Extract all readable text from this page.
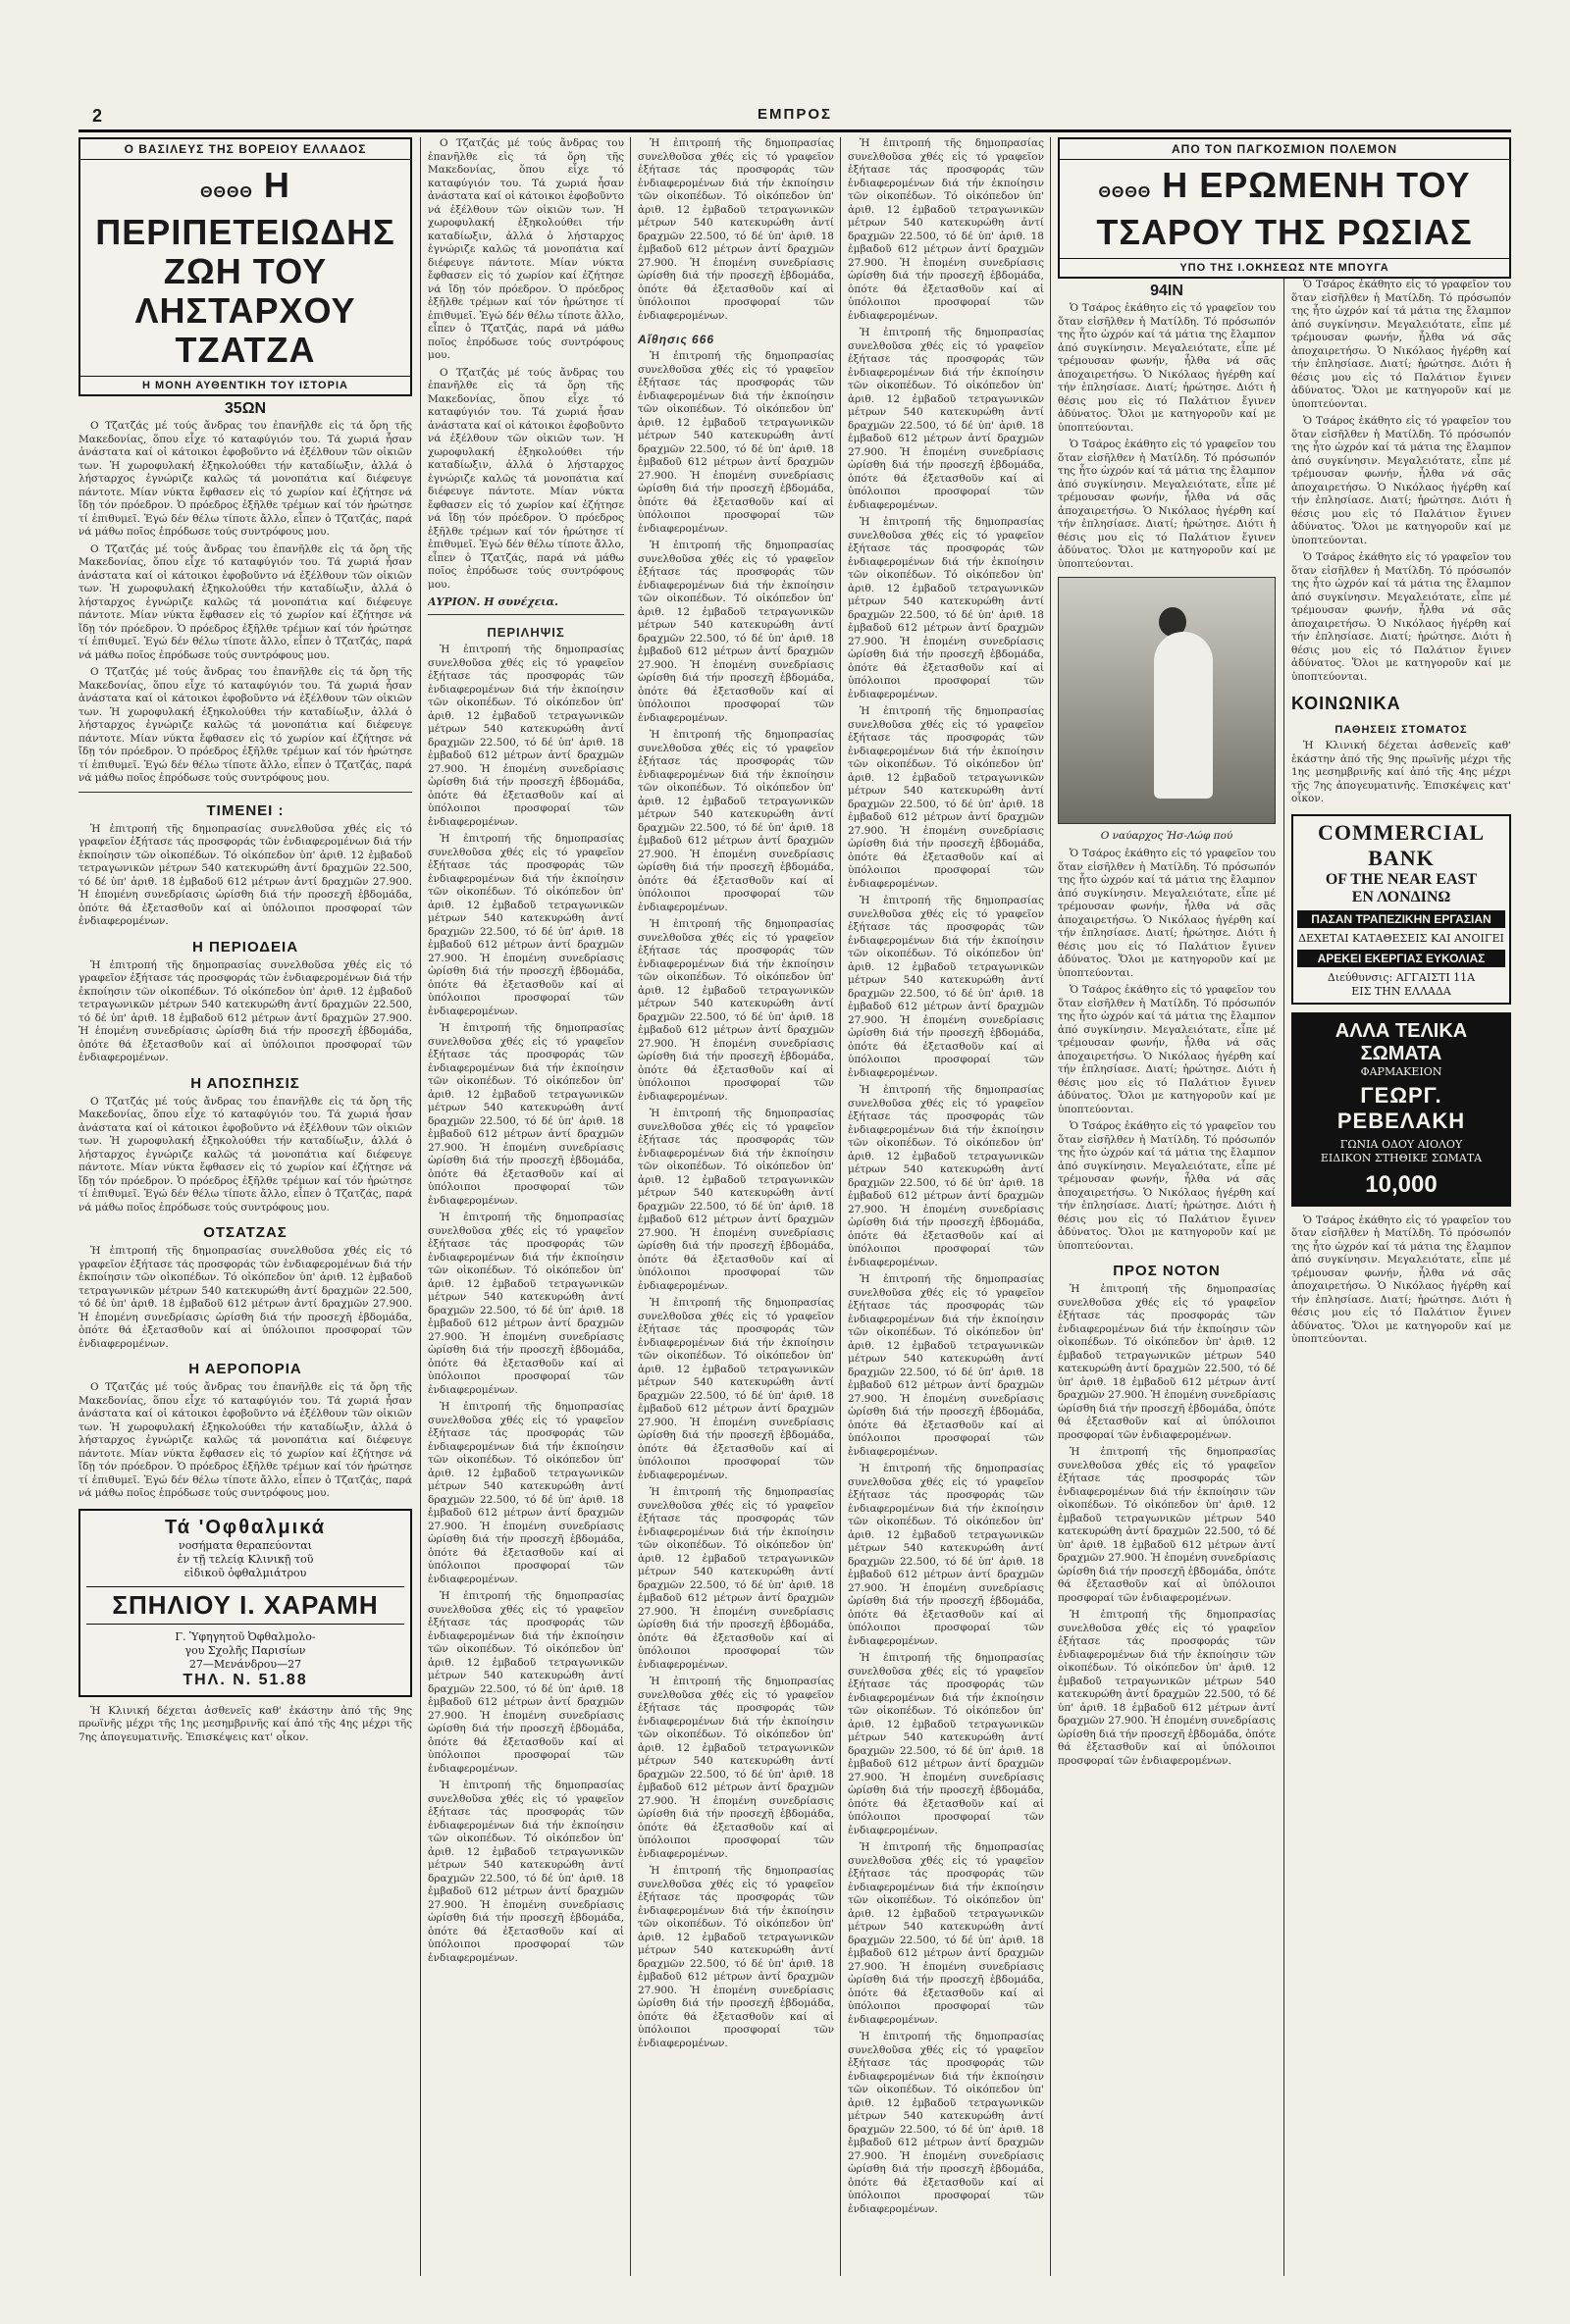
2	ΕΜΠΡΟΣ
Ο ΒΑΣΙΛΕΥΣ ΤΗΣ ΒΟΡΕΙΟΥ ΕΛΛΑΔΟΣ
ΘΘΘΘ Η ΠΕΡΙΠΕΤΕΙΩΔΗΣ ΖΩΗ ΤΟΥ ΛΗΣΤΑΡΧΟΥ ΤΖΑΤΖΑ
Η ΜΟΝΗ ΑΥΘΕΝΤΙΚΗ ΤΟΥ ΙΣΤΟΡΙΑ
35ΩΝ

Ο Τζατζάς μέ τούς ἄνδρας του ἐπανῆλθε εἰς τά ὄρη τῆς Μακεδονίας, ὅπου εἶχε τό καταφύγιόν του. Τά χωριά ἦσαν ἀνάστατα καί οἱ κάτοικοι ἐφοβοῦντο νά ἐξέλθουν τῶν οἰκιῶν των. Ἡ χωροφυλακή ἐξηκολούθει τήν καταδίωξιν, ἀλλά ὁ λήσταρχος ἐγνώριζε καλῶς τά μονοπάτια καί διέφευγε πάντοτε. Μίαν νύκτα ἔφθασεν εἰς τό χωρίον καί ἐζήτησε νά ἴδῃ τόν πρόεδρον. Ὁ πρόεδρος ἐξῆλθε τρέμων καί τόν ἠρώτησε τί ἐπιθυμεῖ. Ἐγώ δέν θέλω τίποτε ἄλλο, εἶπεν ὁ Τζατζάς, παρά νά μάθω ποῖος ἐπρόδωσε τούς συντρόφους μου.

Ο Τζατζάς μέ τούς ἄνδρας του ἐπανῆλθε εἰς τά ὄρη τῆς Μακεδονίας, ὅπου εἶχε τό καταφύγιόν του. Τά χωριά ἦσαν ἀνάστατα καί οἱ κάτοικοι ἐφοβοῦντο νά ἐξέλθουν τῶν οἰκιῶν των. Ἡ χωροφυλακή ἐξηκολούθει τήν καταδίωξιν, ἀλλά ὁ λήσταρχος ἐγνώριζε καλῶς τά μονοπάτια καί διέφευγε πάντοτε. Μίαν νύκτα ἔφθασεν εἰς τό χωρίον καί ἐζήτησε νά ἴδῃ τόν πρόεδρον. Ὁ πρόεδρος ἐξῆλθε τρέμων καί τόν ἠρώτησε τί ἐπιθυμεῖ. Ἐγώ δέν θέλω τίποτε ἄλλο, εἶπεν ὁ Τζατζάς, παρά νά μάθω ποῖος ἐπρόδωσε τούς συντρόφους μου.

Ο Τζατζάς μέ τούς ἄνδρας του ἐπανῆλθε εἰς τά ὄρη τῆς Μακεδονίας, ὅπου εἶχε τό καταφύγιόν του. Τά χωριά ἦσαν ἀνάστατα καί οἱ κάτοικοι ἐφοβοῦντο νά ἐξέλθουν τῶν οἰκιῶν των. Ἡ χωροφυλακή ἐξηκολούθει τήν καταδίωξιν, ἀλλά ὁ λήσταρχος ἐγνώριζε καλῶς τά μονοπάτια καί διέφευγε πάντοτε. Μίαν νύκτα ἔφθασεν εἰς τό χωρίον καί ἐζήτησε νά ἴδῃ τόν πρόεδρον. Ὁ πρόεδρος ἐξῆλθε τρέμων καί τόν ἠρώτησε τί ἐπιθυμεῖ. Ἐγώ δέν θέλω τίποτε ἄλλο, εἶπεν ὁ Τζατζάς, παρά νά μάθω ποῖος ἐπρόδωσε τούς συντρόφους μου.

ΤΙΜΕΝΕΙ :

Ἡ ἐπιτροπή τῆς δημοπρασίας συνελθοῦσα χθές εἰς τό γραφεῖον ἐξήτασε τάς προσφοράς τῶν ἐνδιαφερομένων διά τήν ἐκποίησιν τῶν οἰκοπέδων. Τό οἰκόπεδον ὑπ' ἀριθ. 12 ἐμβαδοῦ τετραγωνικῶν μέτρων 540 κατεκυρώθη ἀντί δραχμῶν 22.500, τό δέ ὑπ' ἀριθ. 18 ἐμβαδοῦ 612 μέτρων ἀντί δραχμῶν 27.900. Ἡ ἐπομένη συνεδρίασις ὡρίσθη διά τήν προσεχῆ ἑβδομάδα, ὁπότε θά ἐξετασθοῦν καί αἱ ὑπόλοιποι προσφοραί τῶν ἐνδιαφερομένων.

Η ΠΕΡΙΟΔΕΙΑ

Ἡ ἐπιτροπή τῆς δημοπρασίας συνελθοῦσα χθές εἰς τό γραφεῖον ἐξήτασε τάς προσφοράς τῶν ἐνδιαφερομένων διά τήν ἐκποίησιν τῶν οἰκοπέδων. Τό οἰκόπεδον ὑπ' ἀριθ. 12 ἐμβαδοῦ τετραγωνικῶν μέτρων 540 κατεκυρώθη ἀντί δραχμῶν 22.500, τό δέ ὑπ' ἀριθ. 18 ἐμβαδοῦ 612 μέτρων ἀντί δραχμῶν 27.900. Ἡ ἐπομένη συνεδρίασις ὡρίσθη διά τήν προσεχῆ ἑβδομάδα, ὁπότε θά ἐξετασθοῦν καί αἱ ὑπόλοιποι προσφοραί τῶν ἐνδιαφερομένων.

Η ΑΠΟΣΠΗΣΙΣ

Ο Τζατζάς μέ τούς ἄνδρας του ἐπανῆλθε εἰς τά ὄρη τῆς Μακεδονίας, ὅπου εἶχε τό καταφύγιόν του. Τά χωριά ἦσαν ἀνάστατα καί οἱ κάτοικοι ἐφοβοῦντο νά ἐξέλθουν τῶν οἰκιῶν των. Ἡ χωροφυλακή ἐξηκολούθει τήν καταδίωξιν, ἀλλά ὁ λήσταρχος ἐγνώριζε καλῶς τά μονοπάτια καί διέφευγε πάντοτε. Μίαν νύκτα ἔφθασεν εἰς τό χωρίον καί ἐζήτησε νά ἴδῃ τόν πρόεδρον. Ὁ πρόεδρος ἐξῆλθε τρέμων καί τόν ἠρώτησε τί ἐπιθυμεῖ. Ἐγώ δέν θέλω τίποτε ἄλλο, εἶπεν ὁ Τζατζάς, παρά νά μάθω ποῖος ἐπρόδωσε τούς συντρόφους μου.

ΟΤΣΑΤΖΑΣ

Ἡ ἐπιτροπή τῆς δημοπρασίας συνελθοῦσα χθές εἰς τό γραφεῖον ἐξήτασε τάς προσφοράς τῶν ἐνδιαφερομένων διά τήν ἐκποίησιν τῶν οἰκοπέδων. Τό οἰκόπεδον ὑπ' ἀριθ. 12 ἐμβαδοῦ τετραγωνικῶν μέτρων 540 κατεκυρώθη ἀντί δραχμῶν 22.500, τό δέ ὑπ' ἀριθ. 18 ἐμβαδοῦ 612 μέτρων ἀντί δραχμῶν 27.900. Ἡ ἐπομένη συνεδρίασις ὡρίσθη διά τήν προσεχῆ ἑβδομάδα, ὁπότε θά ἐξετασθοῦν καί αἱ ὑπόλοιποι προσφοραί τῶν ἐνδιαφερομένων.

Η ΑΕΡΟΠΟΡΙΑ

Ο Τζατζάς μέ τούς ἄνδρας του ἐπανῆλθε εἰς τά ὄρη τῆς Μακεδονίας, ὅπου εἶχε τό καταφύγιόν του. Τά χωριά ἦσαν ἀνάστατα καί οἱ κάτοικοι ἐφοβοῦντο νά ἐξέλθουν τῶν οἰκιῶν των. Ἡ χωροφυλακή ἐξηκολούθει τήν καταδίωξιν, ἀλλά ὁ λήσταρχος ἐγνώριζε καλῶς τά μονοπάτια καί διέφευγε πάντοτε. Μίαν νύκτα ἔφθασεν εἰς τό χωρίον καί ἐζήτησε νά ἴδῃ τόν πρόεδρον. Ὁ πρόεδρος ἐξῆλθε τρέμων καί τόν ἠρώτησε τί ἐπιθυμεῖ. Ἐγώ δέν θέλω τίποτε ἄλλο, εἶπεν ὁ Τζατζάς, παρά νά μάθω ποῖος ἐπρόδωσε τούς συντρόφους μου.

Τά 'Οφθαλμικά
νοσήματα θεραπεύονται
ἐν τῇ τελείᾳ Κλινικῇ τοῦ
εἰδικοῦ ὀφθαλμιάτρου
ΣΠΗΛΙΟΥ Ι. ΧΑΡΑΜΗ
Γ. Ὑφηγητοῦ Ὀφθαλμολο-
γου Σχολῆς Παρισίων
27—Μενάνδρου—27
ΤΗΛ. Ν. 51.88

Ἡ Κλινική δέχεται ἀσθενεῖς καθ' ἑκάστην ἀπό τῆς 9ης πρωϊνῆς μέχρι τῆς 1ης μεσημβρινῆς καί ἀπό τῆς 4ης μέχρι τῆς 7ης ἀπογευματινῆς. Ἐπισκέψεις κατ' οἶκον.

Ο Τζατζάς μέ τούς ἄνδρας του ἐπανῆλθε εἰς τά ὄρη τῆς Μακεδονίας, ὅπου εἶχε τό καταφύγιόν του. Τά χωριά ἦσαν ἀνάστατα καί οἱ κάτοικοι ἐφοβοῦντο νά ἐξέλθουν τῶν οἰκιῶν των. Ἡ χωροφυλακή ἐξηκολούθει τήν καταδίωξιν, ἀλλά ὁ λήσταρχος ἐγνώριζε καλῶς τά μονοπάτια καί διέφευγε πάντοτε. Μίαν νύκτα ἔφθασεν εἰς τό χωρίον καί ἐζήτησε νά ἴδῃ τόν πρόεδρον. Ὁ πρόεδρος ἐξῆλθε τρέμων καί τόν ἠρώτησε τί ἐπιθυμεῖ. Ἐγώ δέν θέλω τίποτε ἄλλο, εἶπεν ὁ Τζατζάς, παρά νά μάθω ποῖος ἐπρόδωσε τούς συντρόφους μου.

Ο Τζατζάς μέ τούς ἄνδρας του ἐπανῆλθε εἰς τά ὄρη τῆς Μακεδονίας, ὅπου εἶχε τό καταφύγιόν του. Τά χωριά ἦσαν ἀνάστατα καί οἱ κάτοικοι ἐφοβοῦντο νά ἐξέλθουν τῶν οἰκιῶν των. Ἡ χωροφυλακή ἐξηκολούθει τήν καταδίωξιν, ἀλλά ὁ λήσταρχος ἐγνώριζε καλῶς τά μονοπάτια καί διέφευγε πάντοτε. Μίαν νύκτα ἔφθασεν εἰς τό χωρίον καί ἐζήτησε νά ἴδῃ τόν πρόεδρον. Ὁ πρόεδρος ἐξῆλθε τρέμων καί τόν ἠρώτησε τί ἐπιθυμεῖ. Ἐγώ δέν θέλω τίποτε ἄλλο, εἶπεν ὁ Τζατζάς, παρά νά μάθω ποῖος ἐπρόδωσε τούς συντρόφους μου.

ΑΥΡΙΟΝ. Η συνέχεια.
ΠΕΡΙΛΗΨΙΣ

Ἡ ἐπιτροπή τῆς δημοπρασίας συνελθοῦσα χθές εἰς τό γραφεῖον ἐξήτασε τάς προσφοράς τῶν ἐνδιαφερομένων διά τήν ἐκποίησιν τῶν οἰκοπέδων. Τό οἰκόπεδον ὑπ' ἀριθ. 12 ἐμβαδοῦ τετραγωνικῶν μέτρων 540 κατεκυρώθη ἀντί δραχμῶν 22.500, τό δέ ὑπ' ἀριθ. 18 ἐμβαδοῦ 612 μέτρων ἀντί δραχμῶν 27.900. Ἡ ἐπομένη συνεδρίασις ὡρίσθη διά τήν προσεχῆ ἑβδομάδα, ὁπότε θά ἐξετασθοῦν καί αἱ ὑπόλοιποι προσφοραί τῶν ἐνδιαφερομένων.

Ἡ ἐπιτροπή τῆς δημοπρασίας συνελθοῦσα χθές εἰς τό γραφεῖον ἐξήτασε τάς προσφοράς τῶν ἐνδιαφερομένων διά τήν ἐκποίησιν τῶν οἰκοπέδων. Τό οἰκόπεδον ὑπ' ἀριθ. 12 ἐμβαδοῦ τετραγωνικῶν μέτρων 540 κατεκυρώθη ἀντί δραχμῶν 22.500, τό δέ ὑπ' ἀριθ. 18 ἐμβαδοῦ 612 μέτρων ἀντί δραχμῶν 27.900. Ἡ ἐπομένη συνεδρίασις ὡρίσθη διά τήν προσεχῆ ἑβδομάδα, ὁπότε θά ἐξετασθοῦν καί αἱ ὑπόλοιποι προσφοραί τῶν ἐνδιαφερομένων.

Ἡ ἐπιτροπή τῆς δημοπρασίας συνελθοῦσα χθές εἰς τό γραφεῖον ἐξήτασε τάς προσφοράς τῶν ἐνδιαφερομένων διά τήν ἐκποίησιν τῶν οἰκοπέδων. Τό οἰκόπεδον ὑπ' ἀριθ. 12 ἐμβαδοῦ τετραγωνικῶν μέτρων 540 κατεκυρώθη ἀντί δραχμῶν 22.500, τό δέ ὑπ' ἀριθ. 18 ἐμβαδοῦ 612 μέτρων ἀντί δραχμῶν 27.900. Ἡ ἐπομένη συνεδρίασις ὡρίσθη διά τήν προσεχῆ ἑβδομάδα, ὁπότε θά ἐξετασθοῦν καί αἱ ὑπόλοιποι προσφοραί τῶν ἐνδιαφερομένων.

Ἡ ἐπιτροπή τῆς δημοπρασίας συνελθοῦσα χθές εἰς τό γραφεῖον ἐξήτασε τάς προσφοράς τῶν ἐνδιαφερομένων διά τήν ἐκποίησιν τῶν οἰκοπέδων. Τό οἰκόπεδον ὑπ' ἀριθ. 12 ἐμβαδοῦ τετραγωνικῶν μέτρων 540 κατεκυρώθη ἀντί δραχμῶν 22.500, τό δέ ὑπ' ἀριθ. 18 ἐμβαδοῦ 612 μέτρων ἀντί δραχμῶν 27.900. Ἡ ἐπομένη συνεδρίασις ὡρίσθη διά τήν προσεχῆ ἑβδομάδα, ὁπότε θά ἐξετασθοῦν καί αἱ ὑπόλοιποι προσφοραί τῶν ἐνδιαφερομένων.

Ἡ ἐπιτροπή τῆς δημοπρασίας συνελθοῦσα χθές εἰς τό γραφεῖον ἐξήτασε τάς προσφοράς τῶν ἐνδιαφερομένων διά τήν ἐκποίησιν τῶν οἰκοπέδων. Τό οἰκόπεδον ὑπ' ἀριθ. 12 ἐμβαδοῦ τετραγωνικῶν μέτρων 540 κατεκυρώθη ἀντί δραχμῶν 22.500, τό δέ ὑπ' ἀριθ. 18 ἐμβαδοῦ 612 μέτρων ἀντί δραχμῶν 27.900. Ἡ ἐπομένη συνεδρίασις ὡρίσθη διά τήν προσεχῆ ἑβδομάδα, ὁπότε θά ἐξετασθοῦν καί αἱ ὑπόλοιποι προσφοραί τῶν ἐνδιαφερομένων.

Ἡ ἐπιτροπή τῆς δημοπρασίας συνελθοῦσα χθές εἰς τό γραφεῖον ἐξήτασε τάς προσφοράς τῶν ἐνδιαφερομένων διά τήν ἐκποίησιν τῶν οἰκοπέδων. Τό οἰκόπεδον ὑπ' ἀριθ. 12 ἐμβαδοῦ τετραγωνικῶν μέτρων 540 κατεκυρώθη ἀντί δραχμῶν 22.500, τό δέ ὑπ' ἀριθ. 18 ἐμβαδοῦ 612 μέτρων ἀντί δραχμῶν 27.900. Ἡ ἐπομένη συνεδρίασις ὡρίσθη διά τήν προσεχῆ ἑβδομάδα, ὁπότε θά ἐξετασθοῦν καί αἱ ὑπόλοιποι προσφοραί τῶν ἐνδιαφερομένων.

Ἡ ἐπιτροπή τῆς δημοπρασίας συνελθοῦσα χθές εἰς τό γραφεῖον ἐξήτασε τάς προσφοράς τῶν ἐνδιαφερομένων διά τήν ἐκποίησιν τῶν οἰκοπέδων. Τό οἰκόπεδον ὑπ' ἀριθ. 12 ἐμβαδοῦ τετραγωνικῶν μέτρων 540 κατεκυρώθη ἀντί δραχμῶν 22.500, τό δέ ὑπ' ἀριθ. 18 ἐμβαδοῦ 612 μέτρων ἀντί δραχμῶν 27.900. Ἡ ἐπομένη συνεδρίασις ὡρίσθη διά τήν προσεχῆ ἑβδομάδα, ὁπότε θά ἐξετασθοῦν καί αἱ ὑπόλοιποι προσφοραί τῶν ἐνδιαφερομένων.

Ἡ ἐπιτροπή τῆς δημοπρασίας συνελθοῦσα χθές εἰς τό γραφεῖον ἐξήτασε τάς προσφοράς τῶν ἐνδιαφερομένων διά τήν ἐκποίησιν τῶν οἰκοπέδων. Τό οἰκόπεδον ὑπ' ἀριθ. 12 ἐμβαδοῦ τετραγωνικῶν μέτρων 540 κατεκυρώθη ἀντί δραχμῶν 22.500, τό δέ ὑπ' ἀριθ. 18 ἐμβαδοῦ 612 μέτρων ἀντί δραχμῶν 27.900. Ἡ ἐπομένη συνεδρίασις ὡρίσθη διά τήν προσεχῆ ἑβδομάδα, ὁπότε θά ἐξετασθοῦν καί αἱ ὑπόλοιποι προσφοραί τῶν ἐνδιαφερομένων.

Αἴθησις 666

Ἡ ἐπιτροπή τῆς δημοπρασίας συνελθοῦσα χθές εἰς τό γραφεῖον ἐξήτασε τάς προσφοράς τῶν ἐνδιαφερομένων διά τήν ἐκποίησιν τῶν οἰκοπέδων. Τό οἰκόπεδον ὑπ' ἀριθ. 12 ἐμβαδοῦ τετραγωνικῶν μέτρων 540 κατεκυρώθη ἀντί δραχμῶν 22.500, τό δέ ὑπ' ἀριθ. 18 ἐμβαδοῦ 612 μέτρων ἀντί δραχμῶν 27.900. Ἡ ἐπομένη συνεδρίασις ὡρίσθη διά τήν προσεχῆ ἑβδομάδα, ὁπότε θά ἐξετασθοῦν καί αἱ ὑπόλοιποι προσφοραί τῶν ἐνδιαφερομένων.

Ἡ ἐπιτροπή τῆς δημοπρασίας συνελθοῦσα χθές εἰς τό γραφεῖον ἐξήτασε τάς προσφοράς τῶν ἐνδιαφερομένων διά τήν ἐκποίησιν τῶν οἰκοπέδων. Τό οἰκόπεδον ὑπ' ἀριθ. 12 ἐμβαδοῦ τετραγωνικῶν μέτρων 540 κατεκυρώθη ἀντί δραχμῶν 22.500, τό δέ ὑπ' ἀριθ. 18 ἐμβαδοῦ 612 μέτρων ἀντί δραχμῶν 27.900. Ἡ ἐπομένη συνεδρίασις ὡρίσθη διά τήν προσεχῆ ἑβδομάδα, ὁπότε θά ἐξετασθοῦν καί αἱ ὑπόλοιποι προσφοραί τῶν ἐνδιαφερομένων.

Ἡ ἐπιτροπή τῆς δημοπρασίας συνελθοῦσα χθές εἰς τό γραφεῖον ἐξήτασε τάς προσφοράς τῶν ἐνδιαφερομένων διά τήν ἐκποίησιν τῶν οἰκοπέδων. Τό οἰκόπεδον ὑπ' ἀριθ. 12 ἐμβαδοῦ τετραγωνικῶν μέτρων 540 κατεκυρώθη ἀντί δραχμῶν 22.500, τό δέ ὑπ' ἀριθ. 18 ἐμβαδοῦ 612 μέτρων ἀντί δραχμῶν 27.900. Ἡ ἐπομένη συνεδρίασις ὡρίσθη διά τήν προσεχῆ ἑβδομάδα, ὁπότε θά ἐξετασθοῦν καί αἱ ὑπόλοιποι προσφοραί τῶν ἐνδιαφερομένων.

Ἡ ἐπιτροπή τῆς δημοπρασίας συνελθοῦσα χθές εἰς τό γραφεῖον ἐξήτασε τάς προσφοράς τῶν ἐνδιαφερομένων διά τήν ἐκποίησιν τῶν οἰκοπέδων. Τό οἰκόπεδον ὑπ' ἀριθ. 12 ἐμβαδοῦ τετραγωνικῶν μέτρων 540 κατεκυρώθη ἀντί δραχμῶν 22.500, τό δέ ὑπ' ἀριθ. 18 ἐμβαδοῦ 612 μέτρων ἀντί δραχμῶν 27.900. Ἡ ἐπομένη συνεδρίασις ὡρίσθη διά τήν προσεχῆ ἑβδομάδα, ὁπότε θά ἐξετασθοῦν καί αἱ ὑπόλοιποι προσφοραί τῶν ἐνδιαφερομένων.

Ἡ ἐπιτροπή τῆς δημοπρασίας συνελθοῦσα χθές εἰς τό γραφεῖον ἐξήτασε τάς προσφοράς τῶν ἐνδιαφερομένων διά τήν ἐκποίησιν τῶν οἰκοπέδων. Τό οἰκόπεδον ὑπ' ἀριθ. 12 ἐμβαδοῦ τετραγωνικῶν μέτρων 540 κατεκυρώθη ἀντί δραχμῶν 22.500, τό δέ ὑπ' ἀριθ. 18 ἐμβαδοῦ 612 μέτρων ἀντί δραχμῶν 27.900. Ἡ ἐπομένη συνεδρίασις ὡρίσθη διά τήν προσεχῆ ἑβδομάδα, ὁπότε θά ἐξετασθοῦν καί αἱ ὑπόλοιποι προσφοραί τῶν ἐνδιαφερομένων.

Ἡ ἐπιτροπή τῆς δημοπρασίας συνελθοῦσα χθές εἰς τό γραφεῖον ἐξήτασε τάς προσφοράς τῶν ἐνδιαφερομένων διά τήν ἐκποίησιν τῶν οἰκοπέδων. Τό οἰκόπεδον ὑπ' ἀριθ. 12 ἐμβαδοῦ τετραγωνικῶν μέτρων 540 κατεκυρώθη ἀντί δραχμῶν 22.500, τό δέ ὑπ' ἀριθ. 18 ἐμβαδοῦ 612 μέτρων ἀντί δραχμῶν 27.900. Ἡ ἐπομένη συνεδρίασις ὡρίσθη διά τήν προσεχῆ ἑβδομάδα, ὁπότε θά ἐξετασθοῦν καί αἱ ὑπόλοιποι προσφοραί τῶν ἐνδιαφερομένων.

Ἡ ἐπιτροπή τῆς δημοπρασίας συνελθοῦσα χθές εἰς τό γραφεῖον ἐξήτασε τάς προσφοράς τῶν ἐνδιαφερομένων διά τήν ἐκποίησιν τῶν οἰκοπέδων. Τό οἰκόπεδον ὑπ' ἀριθ. 12 ἐμβαδοῦ τετραγωνικῶν μέτρων 540 κατεκυρώθη ἀντί δραχμῶν 22.500, τό δέ ὑπ' ἀριθ. 18 ἐμβαδοῦ 612 μέτρων ἀντί δραχμῶν 27.900. Ἡ ἐπομένη συνεδρίασις ὡρίσθη διά τήν προσεχῆ ἑβδομάδα, ὁπότε θά ἐξετασθοῦν καί αἱ ὑπόλοιποι προσφοραί τῶν ἐνδιαφερομένων.

Ἡ ἐπιτροπή τῆς δημοπρασίας συνελθοῦσα χθές εἰς τό γραφεῖον ἐξήτασε τάς προσφοράς τῶν ἐνδιαφερομένων διά τήν ἐκποίησιν τῶν οἰκοπέδων. Τό οἰκόπεδον ὑπ' ἀριθ. 12 ἐμβαδοῦ τετραγωνικῶν μέτρων 540 κατεκυρώθη ἀντί δραχμῶν 22.500, τό δέ ὑπ' ἀριθ. 18 ἐμβαδοῦ 612 μέτρων ἀντί δραχμῶν 27.900. Ἡ ἐπομένη συνεδρίασις ὡρίσθη διά τήν προσεχῆ ἑβδομάδα, ὁπότε θά ἐξετασθοῦν καί αἱ ὑπόλοιποι προσφοραί τῶν ἐνδιαφερομένων.

Ἡ ἐπιτροπή τῆς δημοπρασίας συνελθοῦσα χθές εἰς τό γραφεῖον ἐξήτασε τάς προσφοράς τῶν ἐνδιαφερομένων διά τήν ἐκποίησιν τῶν οἰκοπέδων. Τό οἰκόπεδον ὑπ' ἀριθ. 12 ἐμβαδοῦ τετραγωνικῶν μέτρων 540 κατεκυρώθη ἀντί δραχμῶν 22.500, τό δέ ὑπ' ἀριθ. 18 ἐμβαδοῦ 612 μέτρων ἀντί δραχμῶν 27.900. Ἡ ἐπομένη συνεδρίασις ὡρίσθη διά τήν προσεχῆ ἑβδομάδα, ὁπότε θά ἐξετασθοῦν καί αἱ ὑπόλοιποι προσφοραί τῶν ἐνδιαφερομένων.

Ἡ ἐπιτροπή τῆς δημοπρασίας συνελθοῦσα χθές εἰς τό γραφεῖον ἐξήτασε τάς προσφοράς τῶν ἐνδιαφερομένων διά τήν ἐκποίησιν τῶν οἰκοπέδων. Τό οἰκόπεδον ὑπ' ἀριθ. 12 ἐμβαδοῦ τετραγωνικῶν μέτρων 540 κατεκυρώθη ἀντί δραχμῶν 22.500, τό δέ ὑπ' ἀριθ. 18 ἐμβαδοῦ 612 μέτρων ἀντί δραχμῶν 27.900. Ἡ ἐπομένη συνεδρίασις ὡρίσθη διά τήν προσεχῆ ἑβδομάδα, ὁπότε θά ἐξετασθοῦν καί αἱ ὑπόλοιποι προσφοραί τῶν ἐνδιαφερομένων.

Ἡ ἐπιτροπή τῆς δημοπρασίας συνελθοῦσα χθές εἰς τό γραφεῖον ἐξήτασε τάς προσφοράς τῶν ἐνδιαφερομένων διά τήν ἐκποίησιν τῶν οἰκοπέδων. Τό οἰκόπεδον ὑπ' ἀριθ. 12 ἐμβαδοῦ τετραγωνικῶν μέτρων 540 κατεκυρώθη ἀντί δραχμῶν 22.500, τό δέ ὑπ' ἀριθ. 18 ἐμβαδοῦ 612 μέτρων ἀντί δραχμῶν 27.900. Ἡ ἐπομένη συνεδρίασις ὡρίσθη διά τήν προσεχῆ ἑβδομάδα, ὁπότε θά ἐξετασθοῦν καί αἱ ὑπόλοιποι προσφοραί τῶν ἐνδιαφερομένων.

Ἡ ἐπιτροπή τῆς δημοπρασίας συνελθοῦσα χθές εἰς τό γραφεῖον ἐξήτασε τάς προσφοράς τῶν ἐνδιαφερομένων διά τήν ἐκποίησιν τῶν οἰκοπέδων. Τό οἰκόπεδον ὑπ' ἀριθ. 12 ἐμβαδοῦ τετραγωνικῶν μέτρων 540 κατεκυρώθη ἀντί δραχμῶν 22.500, τό δέ ὑπ' ἀριθ. 18 ἐμβαδοῦ 612 μέτρων ἀντί δραχμῶν 27.900. Ἡ ἐπομένη συνεδρίασις ὡρίσθη διά τήν προσεχῆ ἑβδομάδα, ὁπότε θά ἐξετασθοῦν καί αἱ ὑπόλοιποι προσφοραί τῶν ἐνδιαφερομένων.

Ἡ ἐπιτροπή τῆς δημοπρασίας συνελθοῦσα χθές εἰς τό γραφεῖον ἐξήτασε τάς προσφοράς τῶν ἐνδιαφερομένων διά τήν ἐκποίησιν τῶν οἰκοπέδων. Τό οἰκόπεδον ὑπ' ἀριθ. 12 ἐμβαδοῦ τετραγωνικῶν μέτρων 540 κατεκυρώθη ἀντί δραχμῶν 22.500, τό δέ ὑπ' ἀριθ. 18 ἐμβαδοῦ 612 μέτρων ἀντί δραχμῶν 27.900. Ἡ ἐπομένη συνεδρίασις ὡρίσθη διά τήν προσεχῆ ἑβδομάδα, ὁπότε θά ἐξετασθοῦν καί αἱ ὑπόλοιποι προσφοραί τῶν ἐνδιαφερομένων.

Ἡ ἐπιτροπή τῆς δημοπρασίας συνελθοῦσα χθές εἰς τό γραφεῖον ἐξήτασε τάς προσφοράς τῶν ἐνδιαφερομένων διά τήν ἐκποίησιν τῶν οἰκοπέδων. Τό οἰκόπεδον ὑπ' ἀριθ. 12 ἐμβαδοῦ τετραγωνικῶν μέτρων 540 κατεκυρώθη ἀντί δραχμῶν 22.500, τό δέ ὑπ' ἀριθ. 18 ἐμβαδοῦ 612 μέτρων ἀντί δραχμῶν 27.900. Ἡ ἐπομένη συνεδρίασις ὡρίσθη διά τήν προσεχῆ ἑβδομάδα, ὁπότε θά ἐξετασθοῦν καί αἱ ὑπόλοιποι προσφοραί τῶν ἐνδιαφερομένων.

Ἡ ἐπιτροπή τῆς δημοπρασίας συνελθοῦσα χθές εἰς τό γραφεῖον ἐξήτασε τάς προσφοράς τῶν ἐνδιαφερομένων διά τήν ἐκποίησιν τῶν οἰκοπέδων. Τό οἰκόπεδον ὑπ' ἀριθ. 12 ἐμβαδοῦ τετραγωνικῶν μέτρων 540 κατεκυρώθη ἀντί δραχμῶν 22.500, τό δέ ὑπ' ἀριθ. 18 ἐμβαδοῦ 612 μέτρων ἀντί δραχμῶν 27.900. Ἡ ἐπομένη συνεδρίασις ὡρίσθη διά τήν προσεχῆ ἑβδομάδα, ὁπότε θά ἐξετασθοῦν καί αἱ ὑπόλοιποι προσφοραί τῶν ἐνδιαφερομένων.

Ἡ ἐπιτροπή τῆς δημοπρασίας συνελθοῦσα χθές εἰς τό γραφεῖον ἐξήτασε τάς προσφοράς τῶν ἐνδιαφερομένων διά τήν ἐκποίησιν τῶν οἰκοπέδων. Τό οἰκόπεδον ὑπ' ἀριθ. 12 ἐμβαδοῦ τετραγωνικῶν μέτρων 540 κατεκυρώθη ἀντί δραχμῶν 22.500, τό δέ ὑπ' ἀριθ. 18 ἐμβαδοῦ 612 μέτρων ἀντί δραχμῶν 27.900. Ἡ ἐπομένη συνεδρίασις ὡρίσθη διά τήν προσεχῆ ἑβδομάδα, ὁπότε θά ἐξετασθοῦν καί αἱ ὑπόλοιποι προσφοραί τῶν ἐνδιαφερομένων.

Ἡ ἐπιτροπή τῆς δημοπρασίας συνελθοῦσα χθές εἰς τό γραφεῖον ἐξήτασε τάς προσφοράς τῶν ἐνδιαφερομένων διά τήν ἐκποίησιν τῶν οἰκοπέδων. Τό οἰκόπεδον ὑπ' ἀριθ. 12 ἐμβαδοῦ τετραγωνικῶν μέτρων 540 κατεκυρώθη ἀντί δραχμῶν 22.500, τό δέ ὑπ' ἀριθ. 18 ἐμβαδοῦ 612 μέτρων ἀντί δραχμῶν 27.900. Ἡ ἐπομένη συνεδρίασις ὡρίσθη διά τήν προσεχῆ ἑβδομάδα, ὁπότε θά ἐξετασθοῦν καί αἱ ὑπόλοιποι προσφοραί τῶν ἐνδιαφερομένων.

Ἡ ἐπιτροπή τῆς δημοπρασίας συνελθοῦσα χθές εἰς τό γραφεῖον ἐξήτασε τάς προσφοράς τῶν ἐνδιαφερομένων διά τήν ἐκποίησιν τῶν οἰκοπέδων. Τό οἰκόπεδον ὑπ' ἀριθ. 12 ἐμβαδοῦ τετραγωνικῶν μέτρων 540 κατεκυρώθη ἀντί δραχμῶν 22.500, τό δέ ὑπ' ἀριθ. 18 ἐμβαδοῦ 612 μέτρων ἀντί δραχμῶν 27.900. Ἡ ἐπομένη συνεδρίασις ὡρίσθη διά τήν προσεχῆ ἑβδομάδα, ὁπότε θά ἐξετασθοῦν καί αἱ ὑπόλοιποι προσφοραί τῶν ἐνδιαφερομένων.

Ἡ ἐπιτροπή τῆς δημοπρασίας συνελθοῦσα χθές εἰς τό γραφεῖον ἐξήτασε τάς προσφοράς τῶν ἐνδιαφερομένων διά τήν ἐκποίησιν τῶν οἰκοπέδων. Τό οἰκόπεδον ὑπ' ἀριθ. 12 ἐμβαδοῦ τετραγωνικῶν μέτρων 540 κατεκυρώθη ἀντί δραχμῶν 22.500, τό δέ ὑπ' ἀριθ. 18 ἐμβαδοῦ 612 μέτρων ἀντί δραχμῶν 27.900. Ἡ ἐπομένη συνεδρίασις ὡρίσθη διά τήν προσεχῆ ἑβδομάδα, ὁπότε θά ἐξετασθοῦν καί αἱ ὑπόλοιποι προσφοραί τῶν ἐνδιαφερομένων.

Ἡ ἐπιτροπή τῆς δημοπρασίας συνελθοῦσα χθές εἰς τό γραφεῖον ἐξήτασε τάς προσφοράς τῶν ἐνδιαφερομένων διά τήν ἐκποίησιν τῶν οἰκοπέδων. Τό οἰκόπεδον ὑπ' ἀριθ. 12 ἐμβαδοῦ τετραγωνικῶν μέτρων 540 κατεκυρώθη ἀντί δραχμῶν 22.500, τό δέ ὑπ' ἀριθ. 18 ἐμβαδοῦ 612 μέτρων ἀντί δραχμῶν 27.900. Ἡ ἐπομένη συνεδρίασις ὡρίσθη διά τήν προσεχῆ ἑβδομάδα, ὁπότε θά ἐξετασθοῦν καί αἱ ὑπόλοιποι προσφοραί τῶν ἐνδιαφερομένων.

ΑΠΟ ΤΟΝ ΠΑΓΚΟΣΜΙΟΝ ΠΟΛΕΜΟΝ
ΘΘΘΘ Η ΕΡΩΜΕΝΗ ΤΟΥ ΤΣΑΡΟΥ ΤΗΣ ΡΩΣΙΑΣ
ΥΠΟ ΤΗΣ Ι.ΟΚΗΣΕΩΣ ΝΤΕ ΜΠΟΥΓΑ
94ΙΝ

Ὁ Τσάρος ἐκάθητο εἰς τό γραφεῖον του ὅταν εἰσῆλθεν ἡ Ματίλδη. Τό πρόσωπόν της ἦτο ὠχρόν καί τά μάτια της ἔλαμπον ἀπό συγκίνησιν. Μεγαλειότατε, εἶπε μέ τρέμουσαν φωνήν, ἦλθα νά σᾶς ἀποχαιρετήσω. Ὁ Νικόλαος ἠγέρθη καί τήν ἐπλησίασε. Διατί; ἠρώτησε. Διότι ἡ θέσις μου εἰς τό Παλάτιον ἔγινεν ἀδύνατος. Ὅλοι με κατηγοροῦν καί με ὑποπτεύονται.

Ὁ Τσάρος ἐκάθητο εἰς τό γραφεῖον του ὅταν εἰσῆλθεν ἡ Ματίλδη. Τό πρόσωπόν της ἦτο ὠχρόν καί τά μάτια της ἔλαμπον ἀπό συγκίνησιν. Μεγαλειότατε, εἶπε μέ τρέμουσαν φωνήν, ἦλθα νά σᾶς ἀποχαιρετήσω. Ὁ Νικόλαος ἠγέρθη καί τήν ἐπλησίασε. Διατί; ἠρώτησε. Διότι ἡ θέσις μου εἰς τό Παλάτιον ἔγινεν ἀδύνατος. Ὅλοι με κατηγοροῦν καί με ὑποπτεύονται.

Ο ναύαρχος Ἠσ-Λώφ πού

Ὁ Τσάρος ἐκάθητο εἰς τό γραφεῖον του ὅταν εἰσῆλθεν ἡ Ματίλδη. Τό πρόσωπόν της ἦτο ὠχρόν καί τά μάτια της ἔλαμπον ἀπό συγκίνησιν. Μεγαλειότατε, εἶπε μέ τρέμουσαν φωνήν, ἦλθα νά σᾶς ἀποχαιρετήσω. Ὁ Νικόλαος ἠγέρθη καί τήν ἐπλησίασε. Διατί; ἠρώτησε. Διότι ἡ θέσις μου εἰς τό Παλάτιον ἔγινεν ἀδύνατος. Ὅλοι με κατηγοροῦν καί με ὑποπτεύονται.

Ὁ Τσάρος ἐκάθητο εἰς τό γραφεῖον του ὅταν εἰσῆλθεν ἡ Ματίλδη. Τό πρόσωπόν της ἦτο ὠχρόν καί τά μάτια της ἔλαμπον ἀπό συγκίνησιν. Μεγαλειότατε, εἶπε μέ τρέμουσαν φωνήν, ἦλθα νά σᾶς ἀποχαιρετήσω. Ὁ Νικόλαος ἠγέρθη καί τήν ἐπλησίασε. Διατί; ἠρώτησε. Διότι ἡ θέσις μου εἰς τό Παλάτιον ἔγινεν ἀδύνατος. Ὅλοι με κατηγοροῦν καί με ὑποπτεύονται.

Ὁ Τσάρος ἐκάθητο εἰς τό γραφεῖον του ὅταν εἰσῆλθεν ἡ Ματίλδη. Τό πρόσωπόν της ἦτο ὠχρόν καί τά μάτια της ἔλαμπον ἀπό συγκίνησιν. Μεγαλειότατε, εἶπε μέ τρέμουσαν φωνήν, ἦλθα νά σᾶς ἀποχαιρετήσω. Ὁ Νικόλαος ἠγέρθη καί τήν ἐπλησίασε. Διατί; ἠρώτησε. Διότι ἡ θέσις μου εἰς τό Παλάτιον ἔγινεν ἀδύνατος. Ὅλοι με κατηγοροῦν καί με ὑποπτεύονται.

ΠΡΟΣ ΝΟΤΟΝ

Ἡ ἐπιτροπή τῆς δημοπρασίας συνελθοῦσα χθές εἰς τό γραφεῖον ἐξήτασε τάς προσφοράς τῶν ἐνδιαφερομένων διά τήν ἐκποίησιν τῶν οἰκοπέδων. Τό οἰκόπεδον ὑπ' ἀριθ. 12 ἐμβαδοῦ τετραγωνικῶν μέτρων 540 κατεκυρώθη ἀντί δραχμῶν 22.500, τό δέ ὑπ' ἀριθ. 18 ἐμβαδοῦ 612 μέτρων ἀντί δραχμῶν 27.900. Ἡ ἐπομένη συνεδρίασις ὡρίσθη διά τήν προσεχῆ ἑβδομάδα, ὁπότε θά ἐξετασθοῦν καί αἱ ὑπόλοιποι προσφοραί τῶν ἐνδιαφερομένων.

Ἡ ἐπιτροπή τῆς δημοπρασίας συνελθοῦσα χθές εἰς τό γραφεῖον ἐξήτασε τάς προσφοράς τῶν ἐνδιαφερομένων διά τήν ἐκποίησιν τῶν οἰκοπέδων. Τό οἰκόπεδον ὑπ' ἀριθ. 12 ἐμβαδοῦ τετραγωνικῶν μέτρων 540 κατεκυρώθη ἀντί δραχμῶν 22.500, τό δέ ὑπ' ἀριθ. 18 ἐμβαδοῦ 612 μέτρων ἀντί δραχμῶν 27.900. Ἡ ἐπομένη συνεδρίασις ὡρίσθη διά τήν προσεχῆ ἑβδομάδα, ὁπότε θά ἐξετασθοῦν καί αἱ ὑπόλοιποι προσφοραί τῶν ἐνδιαφερομένων.

Ἡ ἐπιτροπή τῆς δημοπρασίας συνελθοῦσα χθές εἰς τό γραφεῖον ἐξήτασε τάς προσφοράς τῶν ἐνδιαφερομένων διά τήν ἐκποίησιν τῶν οἰκοπέδων. Τό οἰκόπεδον ὑπ' ἀριθ. 12 ἐμβαδοῦ τετραγωνικῶν μέτρων 540 κατεκυρώθη ἀντί δραχμῶν 22.500, τό δέ ὑπ' ἀριθ. 18 ἐμβαδοῦ 612 μέτρων ἀντί δραχμῶν 27.900. Ἡ ἐπομένη συνεδρίασις ὡρίσθη διά τήν προσεχῆ ἑβδομάδα, ὁπότε θά ἐξετασθοῦν καί αἱ ὑπόλοιποι προσφοραί τῶν ἐνδιαφερομένων.

Ὁ Τσάρος ἐκάθητο εἰς τό γραφεῖον του ὅταν εἰσῆλθεν ἡ Ματίλδη. Τό πρόσωπόν της ἦτο ὠχρόν καί τά μάτια της ἔλαμπον ἀπό συγκίνησιν. Μεγαλειότατε, εἶπε μέ τρέμουσαν φωνήν, ἦλθα νά σᾶς ἀποχαιρετήσω. Ὁ Νικόλαος ἠγέρθη καί τήν ἐπλησίασε. Διατί; ἠρώτησε. Διότι ἡ θέσις μου εἰς τό Παλάτιον ἔγινεν ἀδύνατος. Ὅλοι με κατηγοροῦν καί με ὑποπτεύονται.

Ὁ Τσάρος ἐκάθητο εἰς τό γραφεῖον του ὅταν εἰσῆλθεν ἡ Ματίλδη. Τό πρόσωπόν της ἦτο ὠχρόν καί τά μάτια της ἔλαμπον ἀπό συγκίνησιν. Μεγαλειότατε, εἶπε μέ τρέμουσαν φωνήν, ἦλθα νά σᾶς ἀποχαιρετήσω. Ὁ Νικόλαος ἠγέρθη καί τήν ἐπλησίασε. Διατί; ἠρώτησε. Διότι ἡ θέσις μου εἰς τό Παλάτιον ἔγινεν ἀδύνατος. Ὅλοι με κατηγοροῦν καί με ὑποπτεύονται.

Ὁ Τσάρος ἐκάθητο εἰς τό γραφεῖον του ὅταν εἰσῆλθεν ἡ Ματίλδη. Τό πρόσωπόν της ἦτο ὠχρόν καί τά μάτια της ἔλαμπον ἀπό συγκίνησιν. Μεγαλειότατε, εἶπε μέ τρέμουσαν φωνήν, ἦλθα νά σᾶς ἀποχαιρετήσω. Ὁ Νικόλαος ἠγέρθη καί τήν ἐπλησίασε. Διατί; ἠρώτησε. Διότι ἡ θέσις μου εἰς τό Παλάτιον ἔγινεν ἀδύνατος. Ὅλοι με κατηγοροῦν καί με ὑποπτεύονται.

ΚΟΙΝΩΝΙΚΑ
ΠΑΘΗΣΕΙΣ ΣΤΟΜΑΤΟΣ

Ἡ Κλινική δέχεται ἀσθενεῖς καθ' ἑκάστην ἀπό τῆς 9ης πρωϊνῆς μέχρι τῆς 1ης μεσημβρινῆς καί ἀπό τῆς 4ης μέχρι τῆς 7ης ἀπογευματινῆς. Ἐπισκέψεις κατ' οἶκον.

COMMERCIAL BANK
OF THE NEAR EAST
ΕΝ ΛΟΝΔΙΝΩ
ΠΑΣΑΝ ΤΡΑΠΕΖΙΚΗΝ ΕΡΓΑΣΙΑΝ
ΔΕΧΕΤΑΙ ΚΑΤΑΘΕΣΕΙΣ ΚΑΙ ΑΝΟΙΓΕΙ
ΑΡΕΚΕΙ ΕΚΕΡΓΙΑΣ ΕΥΚΟΛΙΑΣ
Διεύθυνσις: ΑΓΓΑΙΣΤΙ 11Α
ΕΙΣ ΤΗΝ ΕΛΛΑΔΑ
ΑΛΛΑ ΤΕΛΙΚΑ ΣΩΜΑΤΑ
ΦΑΡΜΑΚΕΙΟΝ
ΓΕΩΡΓ. ΡΕΒΕΛΑΚΗ
ΓΩΝΙΑ ΟΔΟΥ ΑΙΟΛΟΥ
ΕΙΔΙΚΟΝ ΣΤΗΘΙΚΕ ΣΩΜΑΤΑ
10,000

Ὁ Τσάρος ἐκάθητο εἰς τό γραφεῖον του ὅταν εἰσῆλθεν ἡ Ματίλδη. Τό πρόσωπόν της ἦτο ὠχρόν καί τά μάτια της ἔλαμπον ἀπό συγκίνησιν. Μεγαλειότατε, εἶπε μέ τρέμουσαν φωνήν, ἦλθα νά σᾶς ἀποχαιρετήσω. Ὁ Νικόλαος ἠγέρθη καί τήν ἐπλησίασε. Διατί; ἠρώτησε. Διότι ἡ θέσις μου εἰς τό Παλάτιον ἔγινεν ἀδύνατος. Ὅλοι με κατηγοροῦν καί με ὑποπτεύονται.
